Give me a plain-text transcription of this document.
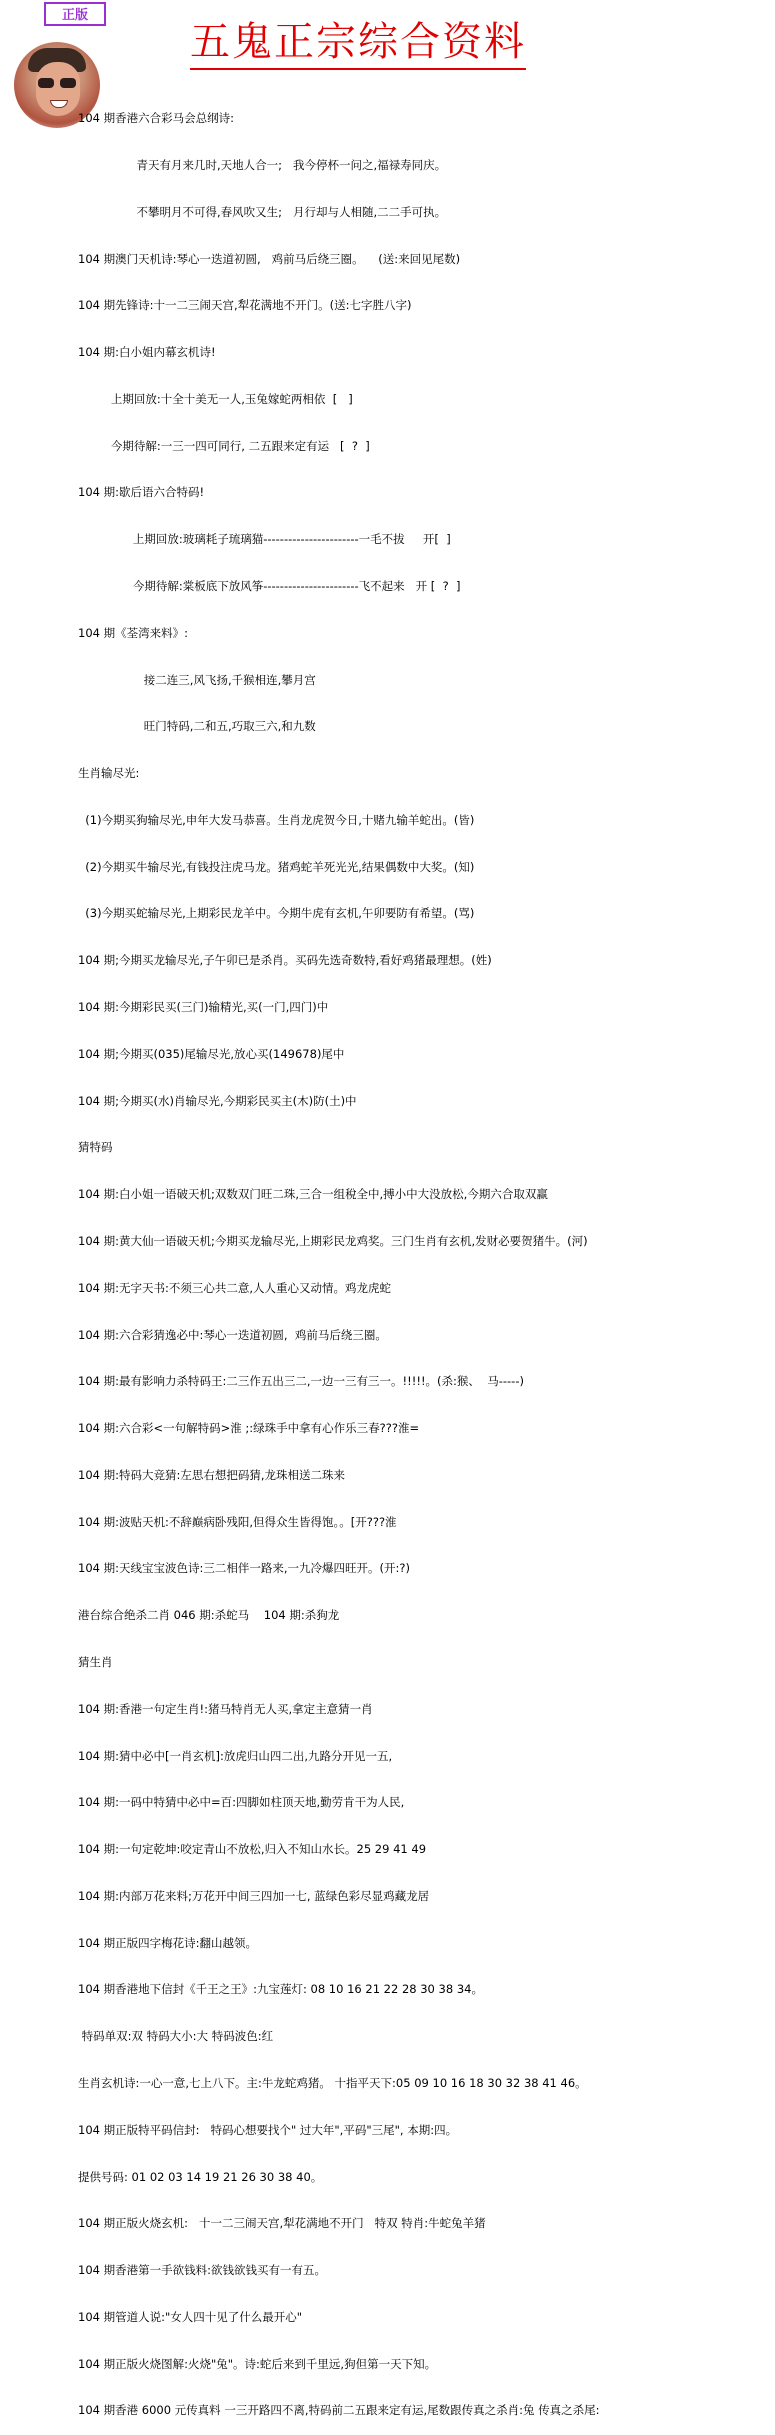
正版
五鬼正宗综合资料

104 期香港六合彩马会总纲诗:

青天有月来几时,天地人合一;   我今停杯一问之,福禄寿同庆。

不攀明月不可得,春风吹又生;   月行却与人相随,二二手可执。

104 期澳门天机诗:琴心一迭道初圆,   鸡前马后绕三圈。    (送:来回见尾数)

104 期先锋诗:十一二三闹天宫,犁花满地不开门。(送:七字胜八字)

104 期:白小姐内幕玄机诗!

上期回放:十全十美无一人,玉兔嫁蛇两相依  [   ]

今期待解:一三一四可同行, 二五跟来定有运   [  ?  ]

104 期:歇后语六合特码!

上期回放:玻璃耗子琉璃猫-----------------------一毛不拔     开[  ]

今期待解:棠板底下放风筝-----------------------飞不起来   开 [  ?  ]

104 期《荃湾来料》:

接二连三,风飞扬,千猴相连,攀月宫

旺门特码,二和五,巧取三六,和九数

生肖输尽光:

(1)今期买狗输尽光,申年大发马恭喜。生肖龙虎贺今日,十赌九输羊蛇出。(皆)

(2)今期买牛输尽光,有钱投注虎马龙。猪鸡蛇羊死光光,结果偶数中大奖。(知)

(3)今期买蛇输尽光,上期彩民龙羊中。今期牛虎有玄机,午卯要防有希望。(骂)

104 期;今期买龙输尽光,子午卯已是杀肖。买码先选奇数特,看好鸡猪最理想。(姓)

104 期:今期彩民买(三门)输精光,买(一门,四门)中

104 期;今期买(035)尾输尽光,放心买(149678)尾中

104 期;今期买(水)肖输尽光,今期彩民买主(木)防(土)中

猜特码

104 期:白小姐一语破天机;双数双门旺二珠,三合一组稅全中,搏小中大没放松,今期六合取双赢

104 期:黄大仙一语破天机;今期买龙输尽光,上期彩民龙鸡奖。三门生肖有玄机,发财必要贺猪牛。(河)

104 期:无字天书:不须三心共二意,人人重心又动情。鸡龙虎蛇

104 期:六合彩猜逸必中:琴心一迭道初圆,  鸡前马后绕三圈。

104 期:最有影响力杀特码王:二三作五出三二,一边一三有三一。!!!!!。(杀:猴、  马-----)

104 期:六合彩<一句解特码>淮 ;:绿珠手中拿有心作乐三春???淮=

104 期:特码大竞猜:左思右想把码猜,龙珠相送二珠来

104 期:波贴天机:不辞巅病卧残阳,但得众生皆得饱。。[开???淮

104 期:天线宝宝波色诗:三二相伴一路来,一九冷爆四旺开。(开:?)

港台综合绝杀二肖 046 期:杀蛇马    104 期:杀狗龙

猜生肖

104 期:香港一句定生肖!:猪马特肖无人买,拿定主意猜一肖

104 期:猜中必中[一肖玄机]:放虎归山四二出,九路分开见一五,

104 期:一码中特猜中必中=百:四脚如柱顶天地,勤劳肯干为人民,

104 期:一句定乾坤:咬定青山不放松,归入不知山水长。25 29 41 49

104 期:内部万花来料;万花开中间三四加一七, 蓝绿色彩尽显鸡藏龙居

104 期正版四字梅花诗:翻山越领。

104 期香港地下信封《千王之王》:九宝莲灯: 08 10 16 21 22 28 30 38 34。

特码单双:双 特码大小:大 特码波色:红

生肖玄机诗:一心一意,七上八下。主:牛龙蛇鸡猪。 十指平天下:05 09 10 16 18 30 32 38 41 46。

104 期正版特平码信封:   特码心想要找个" 过大年",平码"三尾", 本期:四。

提供号码: 01 02 03 14 19 21 26 30 38 40。

104 期正版火烧玄机:   十一二三闹天宫,犁花满地不开门   特双 特肖:牛蛇兔羊猪

104 期香港第一手欲钱料:欲钱欲钱买有一有五。

104 期管道人说:"女人四十见了什么最开心"

104 期正版火烧图解:火烧"兔"。诗:蛇后来到千里远,狗但第一天下知。

104 期香港 6000 元传真料 一三开路四不离,特码前二五跟来定有运,尾数跟传真之杀肖:兔 传真之杀尾:
